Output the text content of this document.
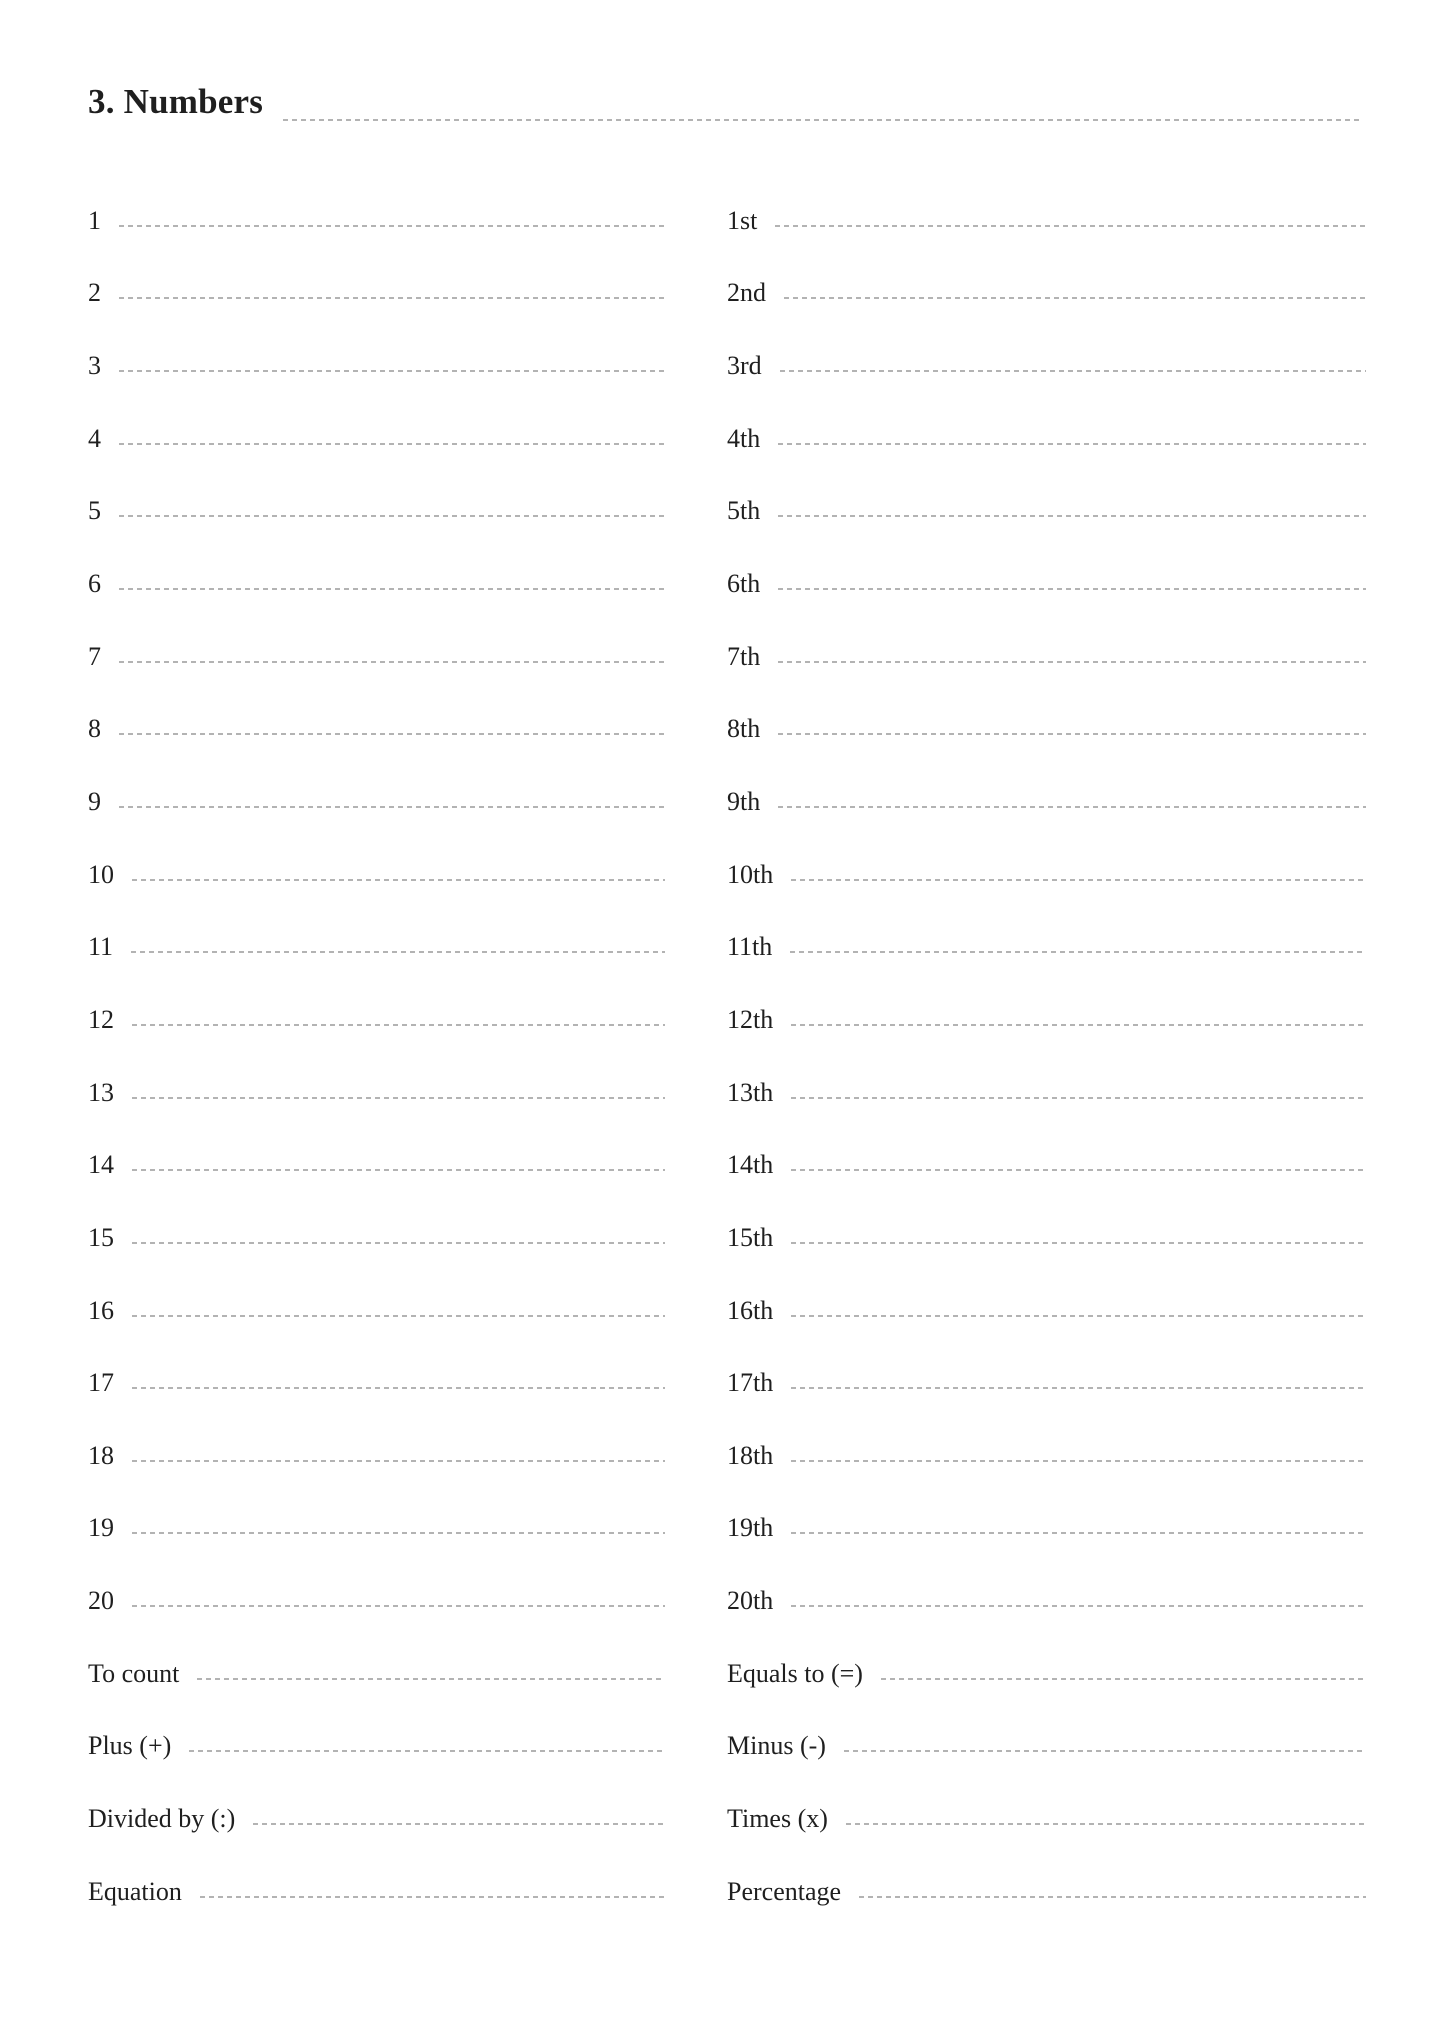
3. Numbers
1
2
3
4
5
6
7
8
9
10
11
12
13
14
15
16
17
18
19
20
To count
Plus (+)
Divided by (:)
Equation
1st
2nd
3rd
4th
5th
6th
7th
8th
9th
10th
11th
12th
13th
14th
15th
16th
17th
18th
19th
20th
Equals to (=)
Minus (-)
Times (x)
Percentage
